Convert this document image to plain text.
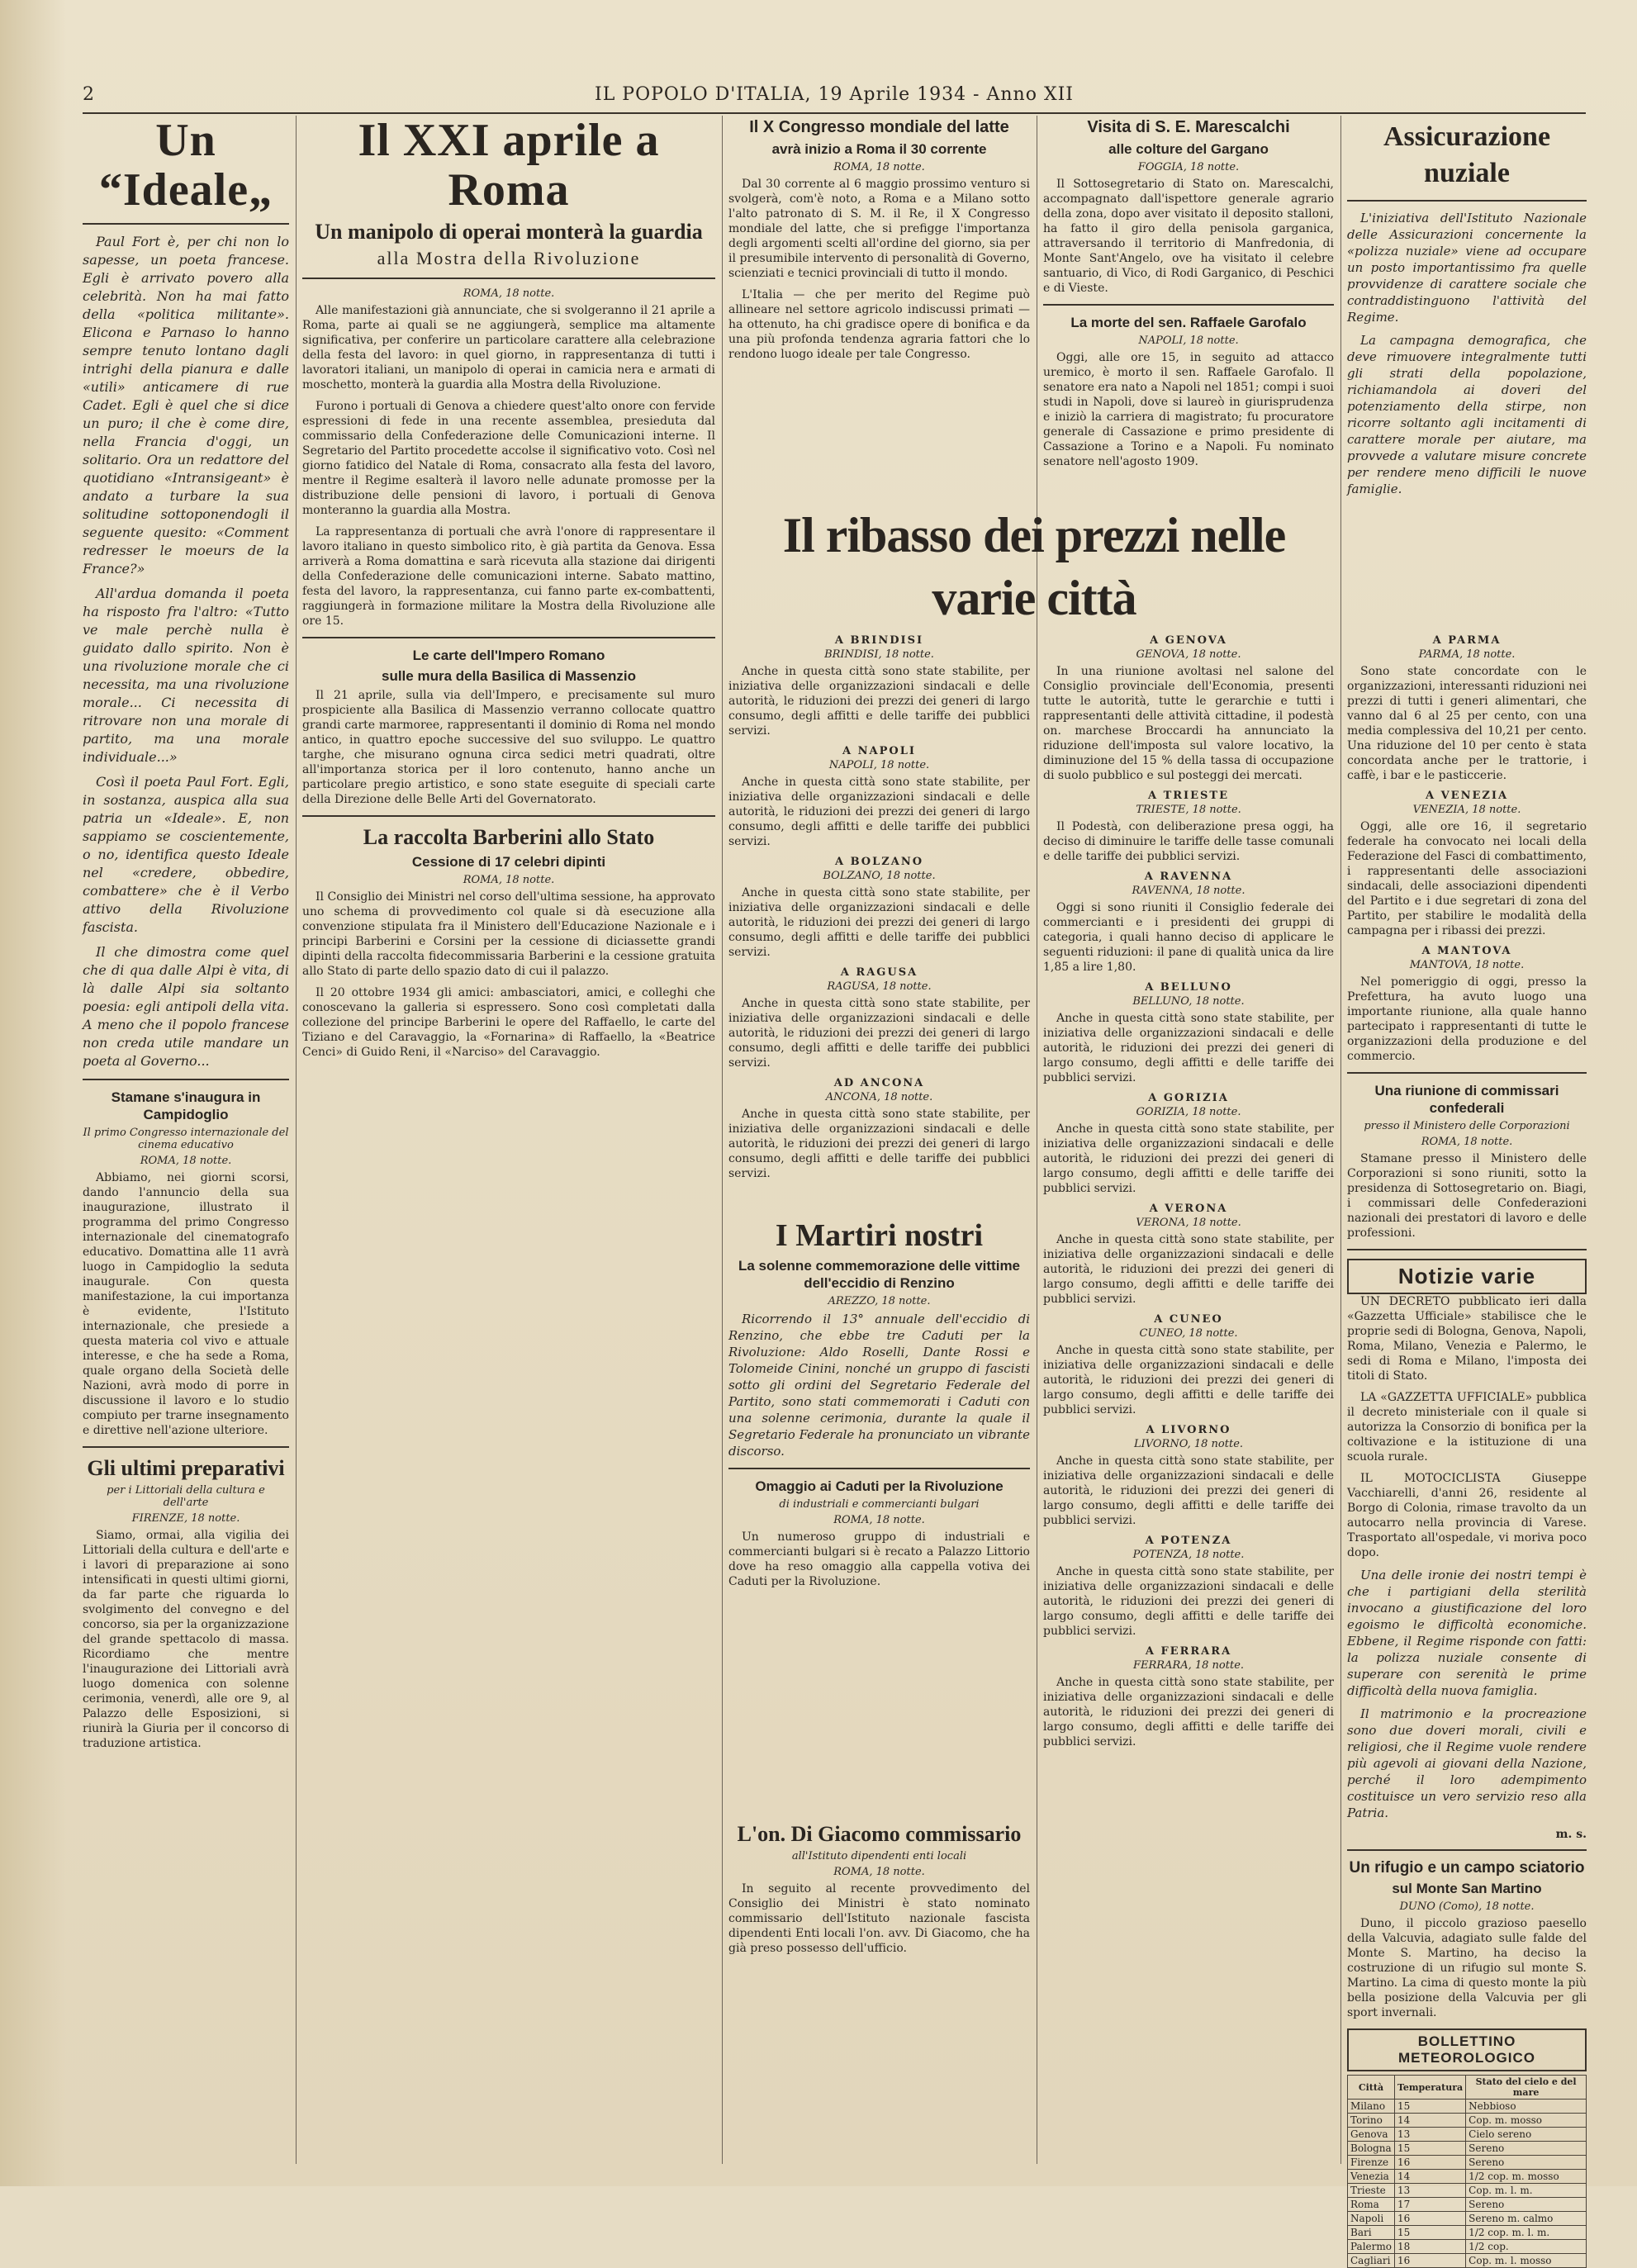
2	IL POPOLO D'ITALIA, 19 Aprile 1934 - Anno XII
Un “Ideale„

Paul Fort è, per chi non lo sapesse, un poeta francese. Egli è arrivato povero alla celebrità. Non ha mai fatto della «politica militante». Elicona e Parnaso lo hanno sempre tenuto lontano dagli intrighi della pianura e dalle «utili» anticamere di rue Cadet. Egli è quel che si dice un puro; il che è come dire, nella Francia d'oggi, un solitario. Ora un redattore del quotidiano «Intransigeant» è andato a turbare la sua solitudine sottoponendogli il seguente quesito: «Comment redresser le moeurs de la France?»

All'ardua domanda il poeta ha risposto fra l'altro: «Tutto ve male perchè nulla è guidato dallo spirito. Non è una rivoluzione morale che ci necessita, ma una rivoluzione morale... Ci necessita di ritrovare non una morale di partito, ma una morale individuale...»

Così il poeta Paul Fort. Egli, in sostanza, auspica alla sua patria un «Ideale». E, non sappiamo se coscientemente, o no, identifica questo Ideale nel «credere, obbedire, combattere» che è il Verbo attivo della Rivoluzione fascista.

Il che dimostra come quel che di qua dalle Alpi è vita, di là dalle Alpi sia soltanto poesia: egli antipoli della vita. A meno che il popolo francese non creda utile mandare un poeta al Governo...

Stamane s'inaugura in Campidoglio
Il primo Congresso internazionale del cinema educativo
ROMA, 18 notte.

Abbiamo, nei giorni scorsi, dando l'annuncio della sua inaugurazione, illustrato il programma del primo Congresso internazionale del cinematografo educativo. Domattina alle 11 avrà luogo in Campidoglio la seduta inaugurale. Con questa manifestazione, la cui importanza è evidente, l'Istituto internazionale, che presiede a questa materia col vivo e attuale interesse, e che ha sede a Roma, quale organo della Società delle Nazioni, avrà modo di porre in discussione il lavoro e lo studio compiuto per trarne insegnamento e direttive nell'azione ulteriore.

Gli ultimi preparativi
per i Littoriali della cultura e dell'arte
FIRENZE, 18 notte.

Siamo, ormai, alla vigilia dei Littoriali della cultura e dell'arte e i lavori di preparazione ai sono intensificati in questi ultimi giorni, da far parte che riguarda lo svolgimento del convegno e del concorso, sia per la organizzazione del grande spettacolo di massa. Ricordiamo che mentre l'inaugurazione dei Littoriali avrà luogo domenica con solenne cerimonia, venerdì, alle ore 9, al Palazzo delle Esposizioni, si riunirà la Giuria per il concorso di traduzione artistica.

Il XXI aprile a Roma
Un manipolo di operai monterà la guardia
alla Mostra della Rivoluzione
ROMA, 18 notte.

Alle manifestazioni già annunciate, che si svolgeranno il 21 aprile a Roma, parte ai quali se ne aggiungerà, semplice ma altamente significativa, per conferire un particolare carattere alla celebrazione della festa del lavoro: in quel giorno, in rappresentanza di tutti i lavoratori italiani, un manipolo di operai in camicia nera e armati di moschetto, monterà la guardia alla Mostra della Rivoluzione.

Furono i portuali di Genova a chiedere quest'alto onore con fervide espressioni di fede in una recente assemblea, presieduta dal commissario della Confederazione delle Comunicazioni interne. Il Segretario del Partito procedette accolse il significativo voto. Così nel giorno fatidico del Natale di Roma, consacrato alla festa del lavoro, mentre il Regime esalterà il lavoro nelle adunate promosse per la distribuzione delle pensioni di lavoro, i portuali di Genova monteranno la guardia alla Mostra.

La rappresentanza di portuali che avrà l'onore di rappresentare il lavoro italiano in questo simbolico rito, è già partita da Genova. Essa arriverà a Roma domattina e sarà ricevuta alla stazione dai dirigenti della Confederazione delle comunicazioni interne. Sabato mattino, festa del lavoro, la rappresentanza, cui fanno parte ex-combattenti, raggiungerà in formazione militare la Mostra della Rivoluzione alle ore 15.

Le carte dell'Impero Romano
sulle mura della Basilica di Massenzio

Il 21 aprile, sulla via dell'Impero, e precisamente sul muro prospiciente alla Basilica di Massenzio verranno collocate quattro grandi carte marmoree, rappresentanti il dominio di Roma nel mondo antico, in quattro epoche successive del suo sviluppo. Le quattro targhe, che misurano ognuna circa sedici metri quadrati, oltre all'importanza storica per il loro contenuto, hanno anche un particolare pregio artistico, e sono state eseguite di speciali carte della Direzione delle Belle Arti del Governatorato.

La raccolta Barberini allo Stato
Cessione di 17 celebri dipinti
ROMA, 18 notte.

Il Consiglio dei Ministri nel corso dell'ultima sessione, ha approvato uno schema di provvedimento col quale si dà esecuzione alla convenzione stipulata fra il Ministero dell'Educazione Nazionale e i principi Barberini e Corsini per la cessione di diciassette grandi dipinti della raccolta fidecommissaria Barberini e la cessione gratuita allo Stato di parte dello spazio dato di cui il palazzo.

Il 20 ottobre 1934 gli amici: ambasciatori, amici, e colleghi che conoscevano la galleria si espressero. Sono così completati dalla collezione del principe Barberini le opere del Raffaello, le carte del Tiziano e del Caravaggio, la «Fornarina» di Raffaello, la «Beatrice Cenci» di Guido Reni, il «Narciso» del Caravaggio.

Il X Congresso mondiale del latte
avrà inizio a Roma il 30 corrente
ROMA, 18 notte.

Dal 30 corrente al 6 maggio prossimo venturo si svolgerà, com'è noto, a Roma e a Milano sotto l'alto patronato di S. M. il Re, il X Congresso mondiale del latte, che si prefigge l'importanza degli argomenti scelti all'ordine del giorno, sia per il presumibile intervento di personalità di Governo, scienziati e tecnici provinciali di tutto il mondo.

L'Italia — che per merito del Regime può allineare nel settore agricolo indiscussi primati — ha ottenuto, ha chi gradisce opere di bonifica e da una più profonda tendenza agraria fattori che lo rendono luogo ideale per tale Congresso.

Il ribasso dei prezzi nelle varie città
I Martiri nostri
La solenne commemorazione delle vittime dell'eccidio di Renzino
AREZZO, 18 notte.

Ricorrendo il 13° annuale dell'eccidio di Renzino, che ebbe tre Caduti per la Rivoluzione: Aldo Roselli, Dante Rossi e Tolomeide Cinini, nonché un gruppo di fascisti sotto gli ordini del Segretario Federale del Partito, sono stati commemorati i Caduti con una solenne cerimonia, durante la quale il Segretario Federale ha pronunciato un vibrante discorso.

Omaggio ai Caduti per la Rivoluzione
di industriali e commercianti bulgari
ROMA, 18 notte.

Un numeroso gruppo di industriali e commercianti bulgari si è recato a Palazzo Littorio dove ha reso omaggio alla cappella votiva dei Caduti per la Rivoluzione.

L'on. Di Giacomo commissario
all'Istituto dipendenti enti locali
ROMA, 18 notte.

In seguito al recente provvedimento del Consiglio dei Ministri è stato nominato commissario dell'Istituto nazionale fascista dipendenti Enti locali l'on. avv. Di Giacomo, che ha già preso possesso dell'ufficio.

A GENOVA
GENOVA, 18 notte.

In una riunione avoltasi nel salone del Consiglio provinciale dell'Economia, presenti tutte le autorità, tutte le gerarchie e tutti i rappresentanti delle attività cittadine, il podestà on. marchese Broccardi ha annunciato la riduzione dell'imposta sul valore locativo, la diminuzione del 15 % della tassa di occupazione di suolo pubblico e sul posteggi dei mercati.

A TRIESTE
TRIESTE, 18 notte.

Il Podestà, con deliberazione presa oggi, ha deciso di diminuire le tariffe delle tasse comunali e delle tariffe dei pubblici servizi.

A RAVENNA
RAVENNA, 18 notte.

Oggi si sono riuniti il Consiglio federale dei commercianti e i presidenti dei gruppi di categoria, i quali hanno deciso di applicare le seguenti riduzioni: il pane di qualità unica da lire 1,85 a lire 1,80.

A BELLUNO
BELLUNO, 18 notte.

Anche in questa città sono state stabilite, per iniziativa delle organizzazioni sindacali e delle autorità, le riduzioni dei prezzi dei generi di largo consumo, degli affitti e delle tariffe dei pubblici servizi.

A GORIZIA
GORIZIA, 18 notte.

Anche in questa città sono state stabilite, per iniziativa delle organizzazioni sindacali e delle autorità, le riduzioni dei prezzi dei generi di largo consumo, degli affitti e delle tariffe dei pubblici servizi.

A VERONA
VERONA, 18 notte.

Anche in questa città sono state stabilite, per iniziativa delle organizzazioni sindacali e delle autorità, le riduzioni dei prezzi dei generi di largo consumo, degli affitti e delle tariffe dei pubblici servizi.

A CUNEO
CUNEO, 18 notte.

Anche in questa città sono state stabilite, per iniziativa delle organizzazioni sindacali e delle autorità, le riduzioni dei prezzi dei generi di largo consumo, degli affitti e delle tariffe dei pubblici servizi.

A LIVORNO
LIVORNO, 18 notte.

Anche in questa città sono state stabilite, per iniziativa delle organizzazioni sindacali e delle autorità, le riduzioni dei prezzi dei generi di largo consumo, degli affitti e delle tariffe dei pubblici servizi.

A POTENZA
POTENZA, 18 notte.

Anche in questa città sono state stabilite, per iniziativa delle organizzazioni sindacali e delle autorità, le riduzioni dei prezzi dei generi di largo consumo, degli affitti e delle tariffe dei pubblici servizi.

A FERRARA
FERRARA, 18 notte.

Anche in questa città sono state stabilite, per iniziativa delle organizzazioni sindacali e delle autorità, le riduzioni dei prezzi dei generi di largo consumo, degli affitti e delle tariffe dei pubblici servizi.

A BRINDISI
BRINDISI, 18 notte.

Anche in questa città sono state stabilite, per iniziativa delle organizzazioni sindacali e delle autorità, le riduzioni dei prezzi dei generi di largo consumo, degli affitti e delle tariffe dei pubblici servizi.

A NAPOLI
NAPOLI, 18 notte.

Anche in questa città sono state stabilite, per iniziativa delle organizzazioni sindacali e delle autorità, le riduzioni dei prezzi dei generi di largo consumo, degli affitti e delle tariffe dei pubblici servizi.

A BOLZANO
BOLZANO, 18 notte.

Anche in questa città sono state stabilite, per iniziativa delle organizzazioni sindacali e delle autorità, le riduzioni dei prezzi dei generi di largo consumo, degli affitti e delle tariffe dei pubblici servizi.

A RAGUSA
RAGUSA, 18 notte.

Anche in questa città sono state stabilite, per iniziativa delle organizzazioni sindacali e delle autorità, le riduzioni dei prezzi dei generi di largo consumo, degli affitti e delle tariffe dei pubblici servizi.

AD ANCONA
ANCONA, 18 notte.

Anche in questa città sono state stabilite, per iniziativa delle organizzazioni sindacali e delle autorità, le riduzioni dei prezzi dei generi di largo consumo, degli affitti e delle tariffe dei pubblici servizi.

Visita di S. E. Marescalchi
alle colture del Gargano
FOGGIA, 18 notte.

Il Sottosegretario di Stato on. Marescalchi, accompagnato dall'ispettore generale agrario della zona, dopo aver visitato il deposito stalloni, ha fatto il giro della penisola garganica, attraversando il territorio di Manfredonia, di Monte Sant'Angelo, ove ha visitato il celebre santuario, di Vico, di Rodi Garganico, di Peschici e di Vieste.

La morte del sen. Raffaele Garofalo
NAPOLI, 18 notte.

Oggi, alle ore 15, in seguito ad attacco uremico, è morto il sen. Raffaele Garofalo. Il senatore era nato a Napoli nel 1851; compi i suoi studi in Napoli, dove si laureò in giurisprudenza e iniziò la carriera di magistrato; fu procuratore generale di Cassazione e primo presidente di Cassazione a Torino e a Napoli. Fu nominato senatore nell'agosto 1909.

Assicurazione nuziale

L'iniziativa dell'Istituto Nazionale delle Assicurazioni concernente la «polizza nuziale» viene ad occupare un posto importantissimo fra quelle provvidenze di carattere sociale che contraddistinguono l'attività del Regime.

La campagna demografica, che deve rimuovere integralmente tutti gli strati della popolazione, richiamandola ai doveri del potenziamento della stirpe, non ricorre soltanto agli incitamenti di carattere morale per aiutare, ma provvede a valutare misure concrete per rendere meno difficili le nuove famiglie.

A PARMA
PARMA, 18 notte.

Sono state concordate con le organizzazioni, interessanti riduzioni nei prezzi di tutti i generi alimentari, che vanno dal 6 al 25 per cento, con una media complessiva del 10,21 per cento. Una riduzione del 10 per cento è stata concordata anche per le trattorie, i caffè, i bar e le pasticcerie.

A VENEZIA
VENEZIA, 18 notte.

Oggi, alle ore 16, il segretario federale ha convocato nei locali della Federazione del Fasci di combattimento, i rappresentanti delle associazioni sindacali, delle associazioni dipendenti del Partito e i due segretari di zona del Partito, per stabilire le modalità della campagna per i ribassi dei prezzi.

A MANTOVA
MANTOVA, 18 notte.

Nel pomeriggio di oggi, presso la Prefettura, ha avuto luogo una importante riunione, alla quale hanno partecipato i rappresentanti di tutte le organizzazioni della produzione e del commercio.

Una riunione di commissari confederali
presso il Ministero delle Corporazioni
ROMA, 18 notte.

Stamane presso il Ministero delle Corporazioni si sono riuniti, sotto la presidenza di Sottosegretario on. Biagi, i commissari delle Confederazioni nazionali dei prestatori di lavoro e delle professioni.

Notizie varie

UN DECRETO pubblicato ieri dalla «Gazzetta Ufficiale» stabilisce che le proprie sedi di Bologna, Genova, Napoli, Roma, Milano, Venezia e Palermo, le sedi di Roma e Milano, l'imposta dei titoli di Stato.

LA «GAZZETTA UFFICIALE» pubblica il decreto ministeriale con il quale si autorizza la Consorzio di bonifica per la coltivazione e la istituzione di una scuola rurale.

IL MOTOCICLISTA Giuseppe Vacchiarelli, d'anni 26, residente al Borgo di Colonia, rimase travolto da un autocarro nella provincia di Varese. Trasportato all'ospedale, vi moriva poco dopo.

Una delle ironie dei nostri tempi è che i partigiani della sterilità invocano a giustificazione del loro egoismo le difficoltà economiche. Ebbene, il Regime risponde con fatti: la polizza nuziale consente di superare con serenità le prime difficoltà della nuova famiglia.

Il matrimonio e la procreazione sono due doveri morali, civili e religiosi, che il Regime vuole rendere più agevoli ai giovani della Nazione, perché il loro adempimento costituisce un vero servizio reso alla Patria.

m. s.
Un rifugio e un campo sciatorio
sul Monte San Martino
DUNO (Como), 18 notte.

Duno, il piccolo grazioso paesello della Valcuvia, adagiato sulle falde del Monte S. Martino, ha deciso la costruzione di un rifugio sul monte S. Martino. La cima di questo monte la più bella posizione della Valcuvia per gli sport invernali.

BOLLETTINO METEOROLOGICO
Città	Temperatura	Stato del cielo e del mare
Milano	15	Nebbioso
Torino	14	Cop. m. mosso
Genova	13	Cielo sereno
Bologna	15	Sereno
Firenze	16	Sereno
Venezia	14	1/2 cop. m. mosso
Trieste	13	Cop. m. l. m.
Roma	17	Sereno
Napoli	16	Sereno m. calmo
Bari	15	1/2 cop. m. l. m.
Palermo	18	1/2 cop.
Cagliari	16	Cop. m. l. mosso
